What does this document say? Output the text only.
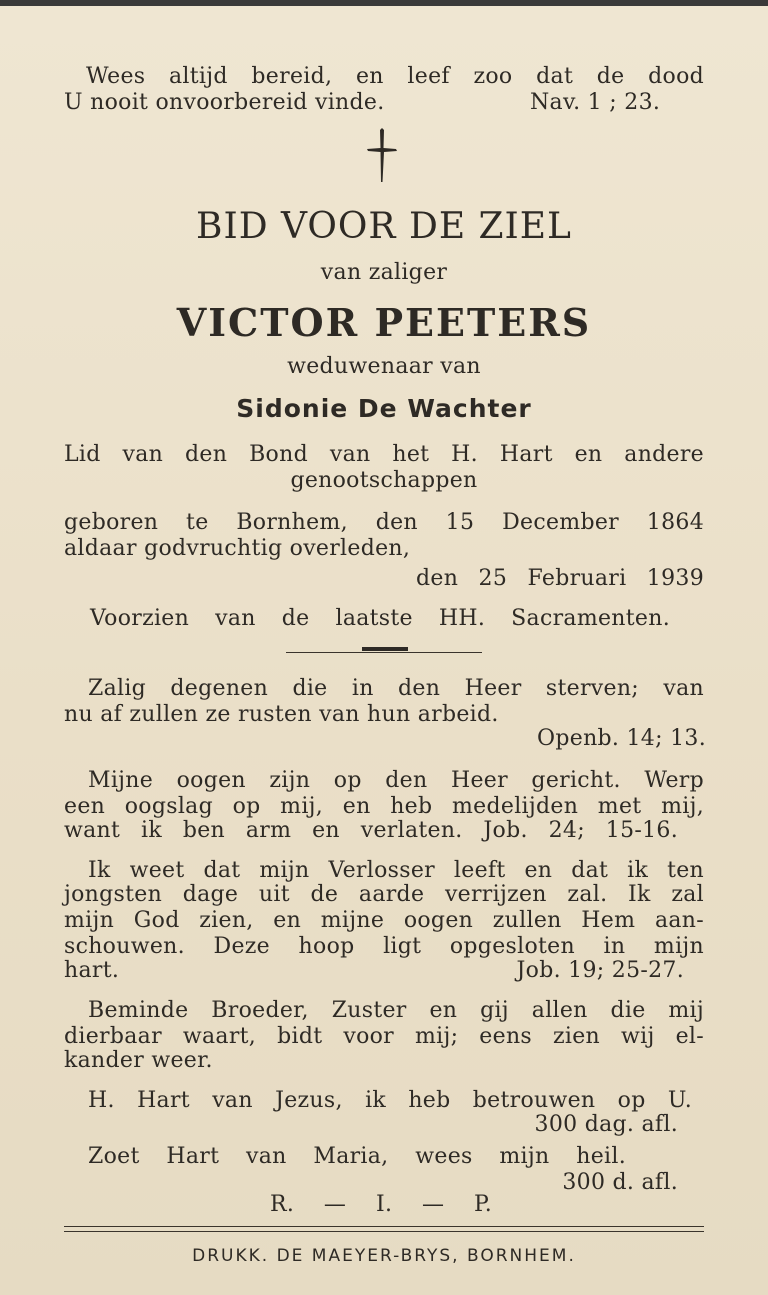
Wees altijd bereid, en leef zoo dat de dood
U nooit onvoorbereid vinde.	Nav. 1 ; 23.
BID VOOR DE ZIEL
van zaliger
VICTOR PEETERS
weduwenaar van
Sidonie De Wachter
Lid van den Bond van het H. Hart en andere
genootschappen
geboren te Bornhem, den 15 December 1864
aldaar godvruchtig overleden,
den 25 Februari 1939
Voorzien van de laatste HH. Sacramenten.
Zalig degenen die in den Heer sterven; van
nu af zullen ze rusten van hun arbeid.
Openb. 14; 13.
Mijne oogen zijn op den Heer gericht. Werp
een oogslag op mij, en heb medelijden met mij,
want ik ben arm en verlaten. Job. 24; 15-16.
Ik weet dat mijn Verlosser leeft en dat ik ten
jongsten dage uit de aarde verrijzen zal. Ik zal
mijn God zien, en mijne oogen zullen Hem aan-
schouwen. Deze hoop ligt opgesloten in mijn
hart.	Job. 19; 25-27.
Beminde Broeder, Zuster en gij allen die mij
dierbaar waart, bidt voor mij; eens zien wij el-
kander weer.
H. Hart van Jezus, ik heb betrouwen op U.
300 dag. afl.
Zoet Hart van Maria, wees mijn heil.
300 d. afl.
R. — I. — P.
DRUKK. DE MAEYER-BRYS, BORNHEM.
